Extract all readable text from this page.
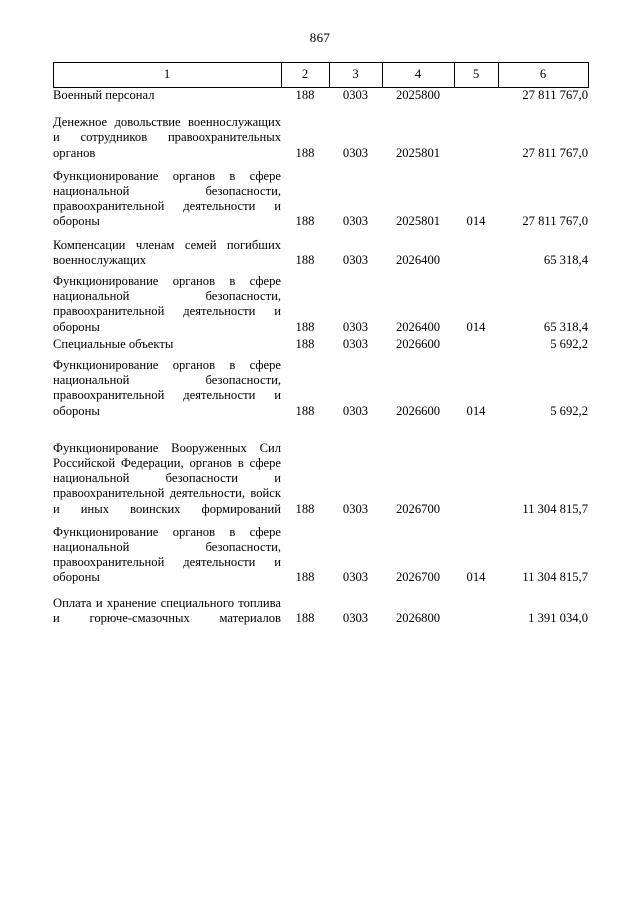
867
1	2	3	4	5	6
Военный персонал	188	0303	2025800		27 811 767,0

Денежное довольствие военнослужащих и сотрудников правоохранительных органов	188	0303	2025801		27 811 767,0

Функционирование органов в сфере национальной безопасности, правоохранительной деятельности и обороны	188	0303	2025801	014	27 811 767,0

Компенсации членам семей погибших военнослужащих	188	0303	2026400		65 318,4

Функционирование органов в сфере национальной безопасности, правоохранительной деятельности и обороны	188	0303	2026400	014	65 318,4
Специальные объекты	188	0303	2026600		5 692,2

Функционирование органов в сфере национальной безопасности, правоохранительной деятельности и обороны	188	0303	2026600	014	5 692,2

Функционирование Вооруженных Сил Российской Федерации, органов в сфере национальной безопасности и правоохранительной деятельности, войск и иных воинских формирований	188	0303	2026700		11 304 815,7

Функционирование органов в сфере национальной безопасности, правоохранительной деятельности и обороны	188	0303	2026700	014	11 304 815,7

Оплата и хранение специального топлива и горюче-смазочных материалов	188	0303	2026800		1 391 034,0
